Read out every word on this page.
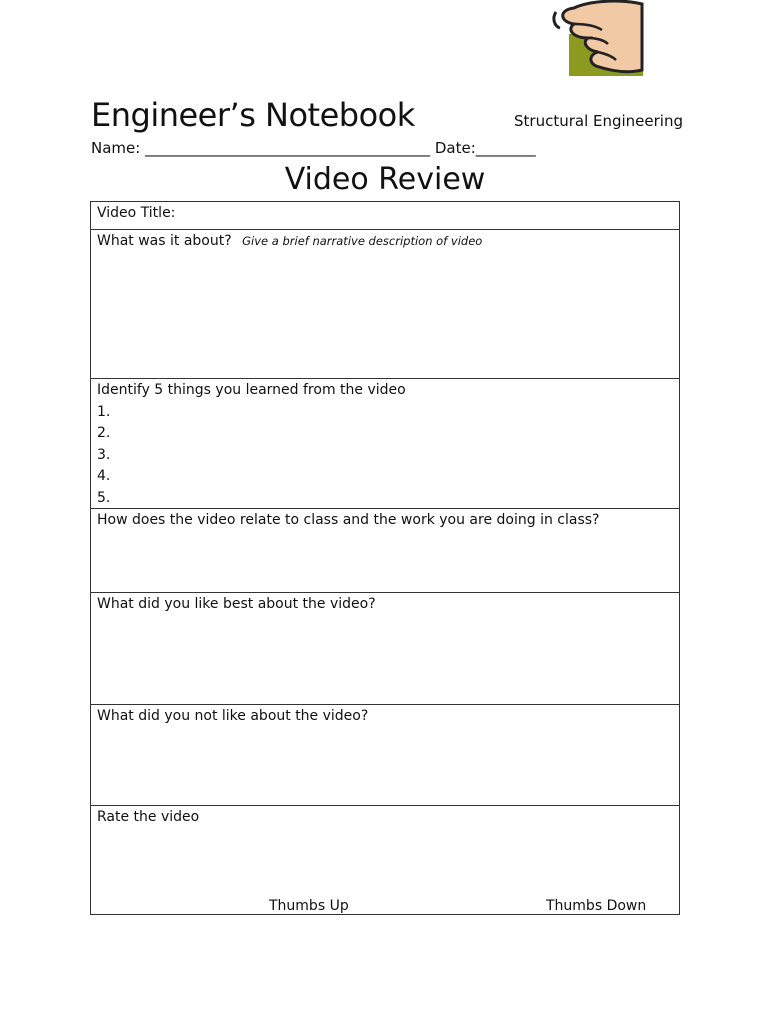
Engineer’s Notebook	Structural Engineering
Name: ______________________________________ Date:________
Video Review
Video Title:
What was it about? Give a brief narrative description of video
Identify 5 things you learned from the video
1.
2.
3.
4.
5.
How does the video relate to class and the work you are doing in class?
What did you like best about the video?
What did you not like about the video?
Rate the video
Thumbs Up	Thumbs Down
